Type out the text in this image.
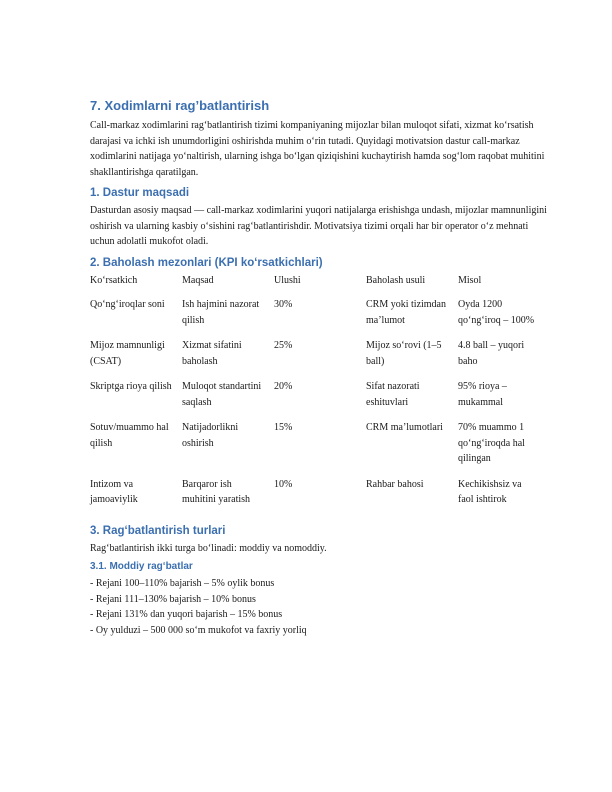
7. Xodimlarni rag’batlantirish

Call-markaz xodimlarini rag‘batlantirish tizimi kompaniyaning mijozlar bilan muloqot sifati, xizmat ko‘rsatish darajasi va ichki ish unumdorligini oshirishda muhim o‘rin tutadi. Quyidagi motivatsion dastur call-markaz xodimlarini natijaga yo‘naltirish, ularning ishga bo‘lgan qiziqishini kuchaytirish hamda sog‘lom raqobat muhitini shakllantirishga qaratilgan.

1. Dastur maqsadi

Dasturdan asosiy maqsad — call-markaz xodimlarini yuqori natijalarga erishishga undash, mijozlar mamnunligini oshirish va ularning kasbiy o‘sishini rag‘batlantirishdir. Motivatsiya tizimi orqali har bir operator o‘z mehnati uchun adolatli mukofot oladi.

2. Baholash mezonlari (KPI ko‘rsatkichlari)
Ko‘rsatkich	Maqsad	Ulushi	Baholash usuli	Misol
Qo‘ng‘iroqlar soni	Ish hajmini nazorat qilish	30%	CRM yoki tizimdan ma’lumot	Oyda 1200 qo‘ng‘iroq – 100%
Mijoz mamnunligi (CSAT)	Xizmat sifatini baholash	25%	Mijoz so‘rovi (1–5 ball)	4.8 ball – yuqori baho
Skriptga rioya qilish	Muloqot standartini saqlash	20%	Sifat nazorati eshituvlari	95% rioya – mukammal
Sotuv/muammo hal qilish	Natijadorlikni oshirish	15%	CRM ma’lumotlari	70% muammo 1 qo‘ng‘iroqda hal qilingan
Intizom va jamoaviylik	Barqaror ish muhitini yaratish	10%	Rahbar bahosi	Kechikishsiz va faol ishtirok
3. Rag‘batlantirish turlari

Rag‘batlantirish ikki turga bo‘linadi: moddiy va nomoddiy.

3.1. Moddiy rag‘batlar
- Rejani 100–110% bajarish – 5% oylik bonus
- Rejani 111–130% bajarish – 10% bonus
- Rejani 131% dan yuqori bajarish – 15% bonus
- Oy yulduzi – 500 000 so‘m mukofot va faxriy yorliq
